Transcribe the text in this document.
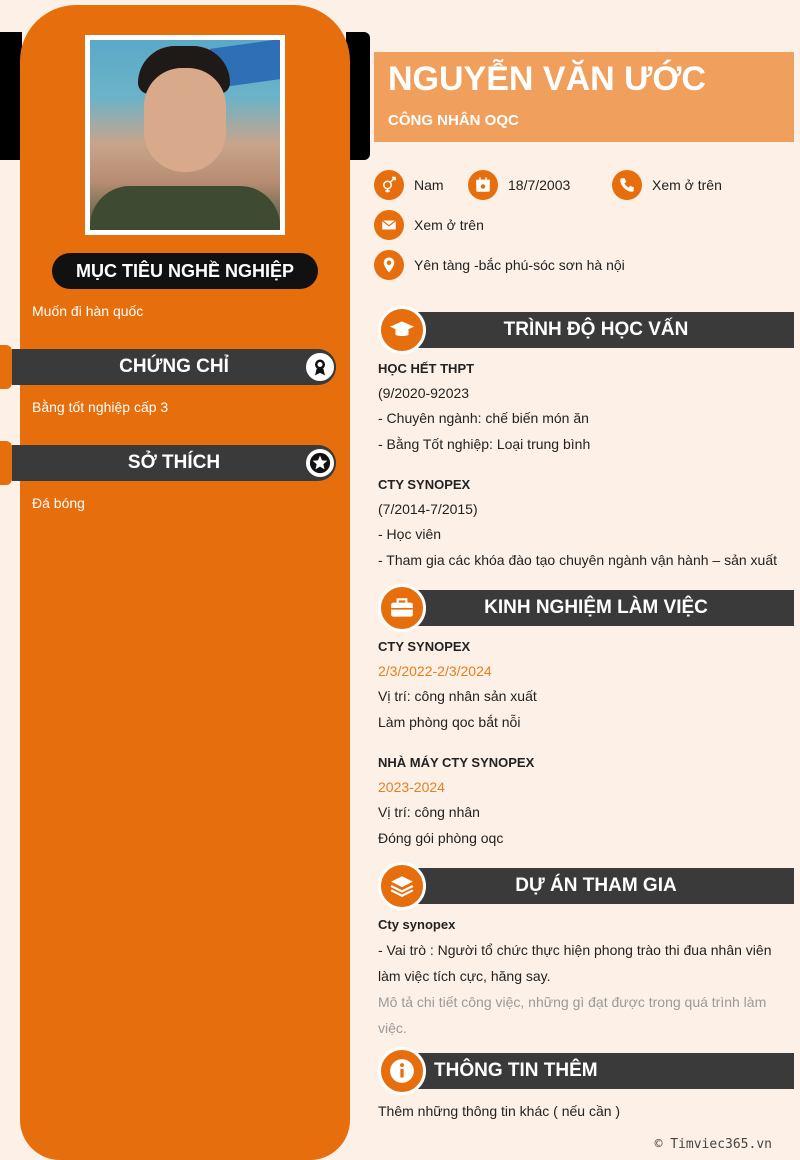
MỤC TIÊU NGHỀ NGHIỆP
Muốn đi hàn quốc
CHỨNG CHỈ
Bằng tốt nghiệp cấp 3
SỞ THÍCH
Đá bóng
NGUYỄN VĂN ƯỚC
CÔNG NHÂN OQC
Nam	18/7/2003	Xem ở trên
Xem ở trên
Yên tàng -bắc phú-sóc sơn hà nội
TRÌNH ĐỘ HỌC VẤN
HỌC HẾT THPT
(9/2020-92023
- Chuyên ngành: chế biến món ăn
- Bằng Tốt nghiệp: Loại trung bình
CTY SYNOPEX
(7/2014-7/2015)
- Học viên
- Tham gia các khóa đào tạo chuyên ngành vận hành – sản xuất
KINH NGHIỆM LÀM VIỆC
CTY SYNOPEX
2/3/2022-2/3/2024
Vị trí: công nhân sản xuất
Làm phòng qoc bắt nỗi
NHÀ MÁY CTY SYNOPEX
2023-2024
Vị trí: công nhân
Đóng gói phòng oqc
DỰ ÁN THAM GIA
Cty synopex
- Vai trò : Người tổ chức thực hiện phong trào thi đua nhân viên làm việc tích cực, hăng say.
Mô tả chi tiết công việc, những gì đạt được trong quá trình làm việc.
THÔNG TIN THÊM
Thêm những thông tin khác ( nếu cần )
© Timviec365.vn
